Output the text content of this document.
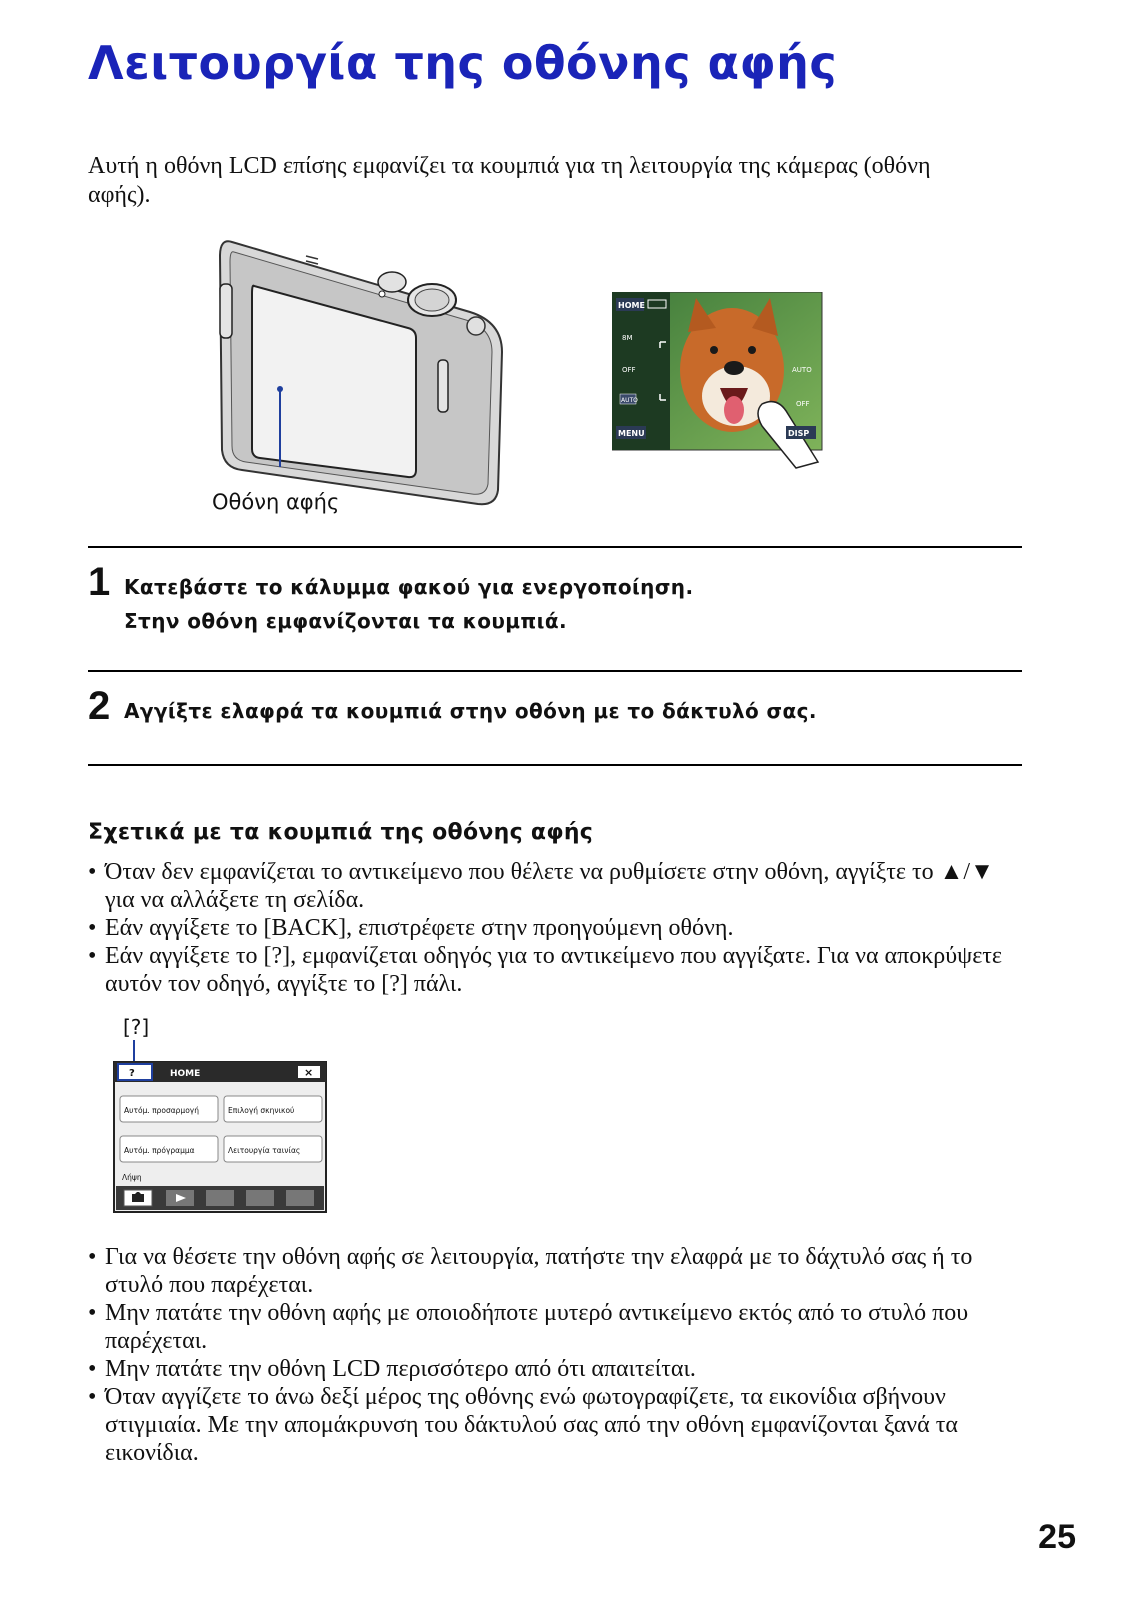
Λειτουργία της οθόνης αφής
Αυτή η οθόνη LCD επίσης εμφανίζει τα κουμπιά για τη λειτουργία της κάμερας (οθόνη αφής).
Οθόνη αφής
HOME
MENU	DISP
8M
OFF
AUTO
AUTO
OFF
1 Κατεβάστε το κάλυμμα φακού για ενεργοποίηση.
Στην οθόνη εμφανίζονται τα κουμπιά.
2 Αγγίξτε ελαφρά τα κουμπιά στην οθόνη με το δάκτυλό σας.
Σχετικά με τα κουμπιά της οθόνης αφής
• Όταν δεν εμφανίζεται το αντικείμενο που θέλετε να ρυθμίσετε στην οθόνη, αγγίξτε το ▲/▼ για να αλλάξετε τη σελίδα.
• Εάν αγγίξετε το [BACK], επιστρέφετε στην προηγούμενη οθόνη.
• Εάν αγγίξετε το [?], εμφανίζεται οδηγός για το αντικείμενο που αγγίξατε. Για να αποκρύψετε αυτόν τον οδηγό, αγγίξτε το [?] πάλι.
[?]
?	HOME	×
Αυτόμ. προσαρμογή	Επιλογή σκηνικού
Αυτόμ. πρόγραμμα	Λειτουργία ταινίας
Λήψη
• Για να θέσετε την οθόνη αφής σε λειτουργία, πατήστε την ελαφρά με το δάχτυλό σας ή το στυλό που παρέχεται.
• Μην πατάτε την οθόνη αφής με οποιοδήποτε μυτερό αντικείμενο εκτός από το στυλό που παρέχεται.
• Μην πατάτε την οθόνη LCD περισσότερο από ότι απαιτείται.
• Όταν αγγίζετε το άνω δεξί μέρος της οθόνης ενώ φωτογραφίζετε, τα εικονίδια σβήνουν στιγμιαία. Με την απομάκρυνση του δάκτυλού σας από την οθόνη εμφανίζονται ξανά τα εικονίδια.
25
